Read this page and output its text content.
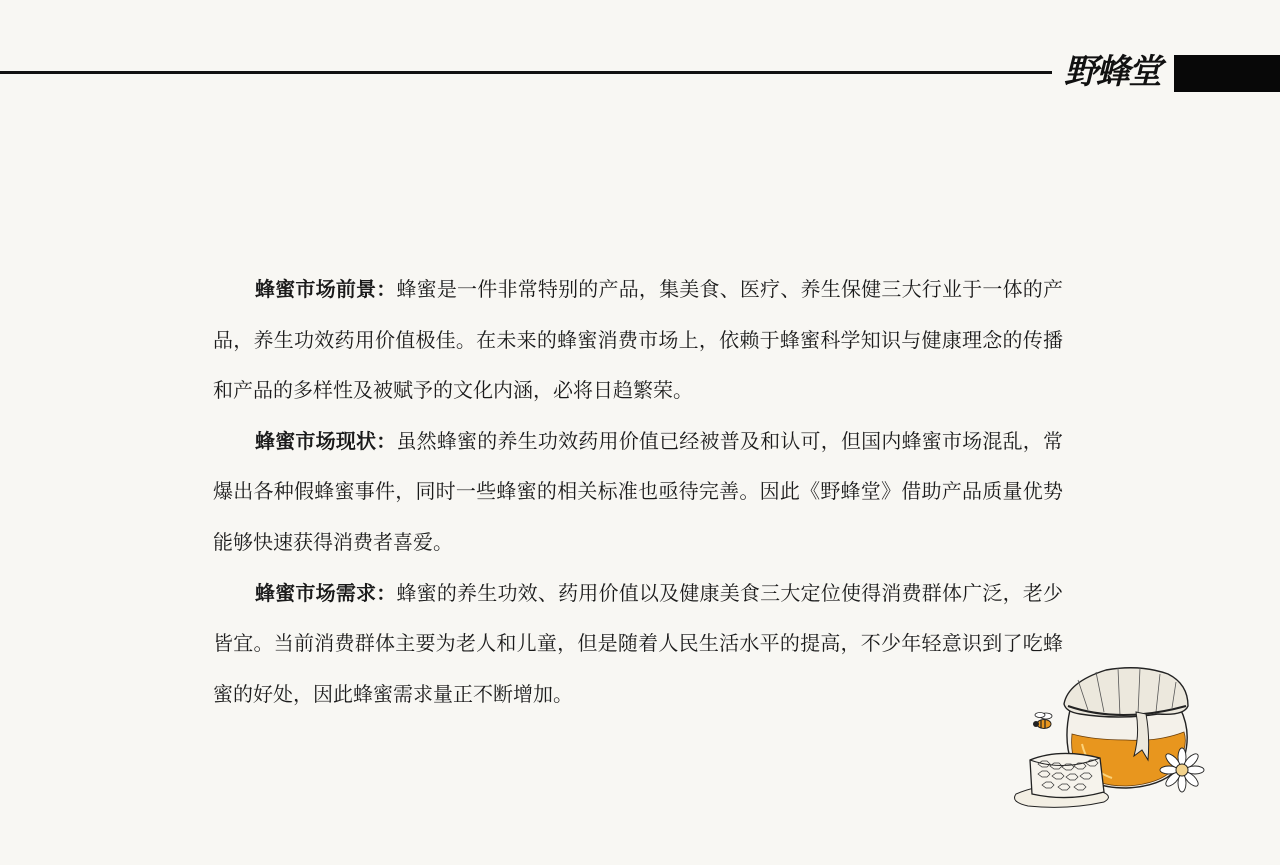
野蜂堂

蜂蜜市场前景：蜂蜜是一件非常特别的产品，集美食、医疗、养生保健三大行业于一体的产品，养生功效药用价值极佳。在未来的蜂蜜消费市场上，依赖于蜂蜜科学知识与健康理念的传播和产品的多样性及被赋予的文化内涵，必将日趋繁荣。

蜂蜜市场现状：虽然蜂蜜的养生功效药用价值已经被普及和认可，但国内蜂蜜市场混乱，常爆出各种假蜂蜜事件，同时一些蜂蜜的相关标准也亟待完善。因此《野蜂堂》借助产品质量优势能够快速获得消费者喜爱。

蜂蜜市场需求：蜂蜜的养生功效、药用价值以及健康美食三大定位使得消费群体广泛，老少皆宜。当前消费群体主要为老人和儿童，但是随着人民生活水平的提高，不少年轻意识到了吃蜂蜜的好处，因此蜂蜜需求量正不断增加。
